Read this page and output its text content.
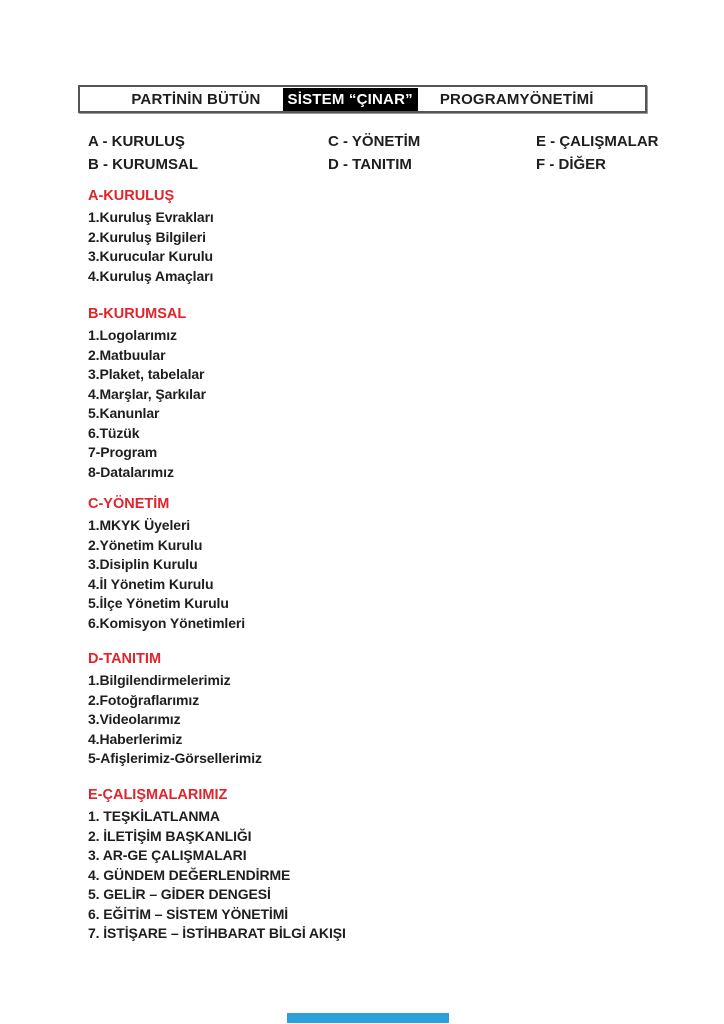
PARTİNİN BÜTÜN	SİSTEM “ÇINAR”	PROGRAMYÖNETİMİ
A - KURULUŞ
B - KURUMSAL
C - YÖNETİM
D - TANITIM
E - ÇALIŞMALAR
F - DİĞER
A-KURULUŞ
1.Kuruluş Evrakları
2.Kuruluş Bilgileri
3.Kurucular Kurulu
4.Kuruluş Amaçları
B-KURUMSAL
1.Logolarımız
2.Matbuular
3.Plaket, tabelalar
4.Marşlar, Şarkılar
5.Kanunlar
6.Tüzük
7-Program
8-Datalarımız
C-YÖNETİM
1.MKYK Üyeleri
2.Yönetim Kurulu
3.Disiplin Kurulu
4.İl Yönetim Kurulu
5.İlçe Yönetim Kurulu
6.Komisyon Yönetimleri
D-TANITIM
1.Bilgilendirmelerimiz
2.Fotoğraflarımız
3.Videolarımız
4.Haberlerimiz
5-Afişlerimiz-Görsellerimiz
E-ÇALIŞMALARIMIZ
1. TEŞKİLATLANMA
2. İLETİŞİM BAŞKANLIĞI
3. AR-GE ÇALIŞMALARI
4. GÜNDEM DEĞERLENDİRME
5. GELİR – GİDER DENGESİ
6. EĞİTİM – SİSTEM YÖNETİMİ
7. İSTİŞARE – İSTİHBARAT BİLGİ AKIŞI
